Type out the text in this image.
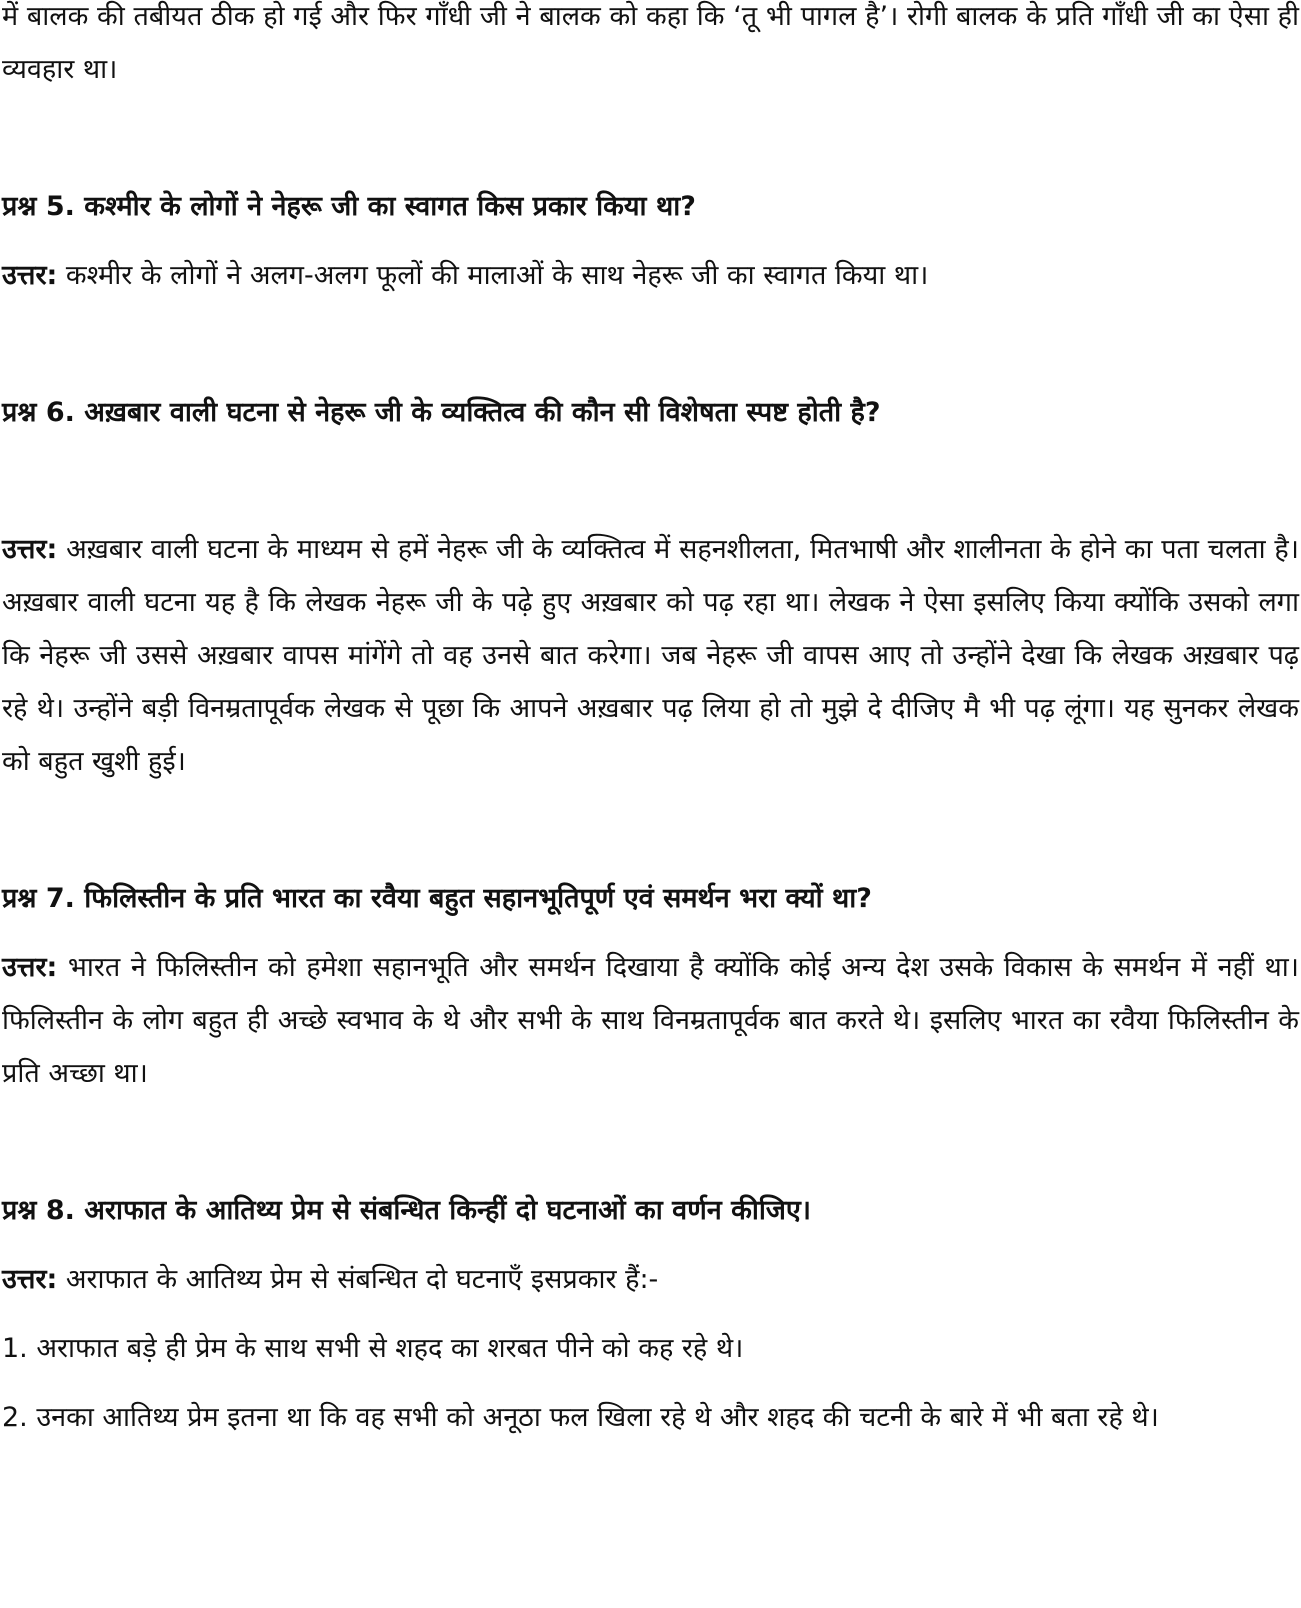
में बालक की तबीयत ठीक हो गई और फिर गाँधी जी ने बालक को कहा कि ‘तू भी पागल है’। रोगी बालक के प्रति गाँधी जी का ऐसा ही व्यवहार था।

प्रश्न 5. कश्मीर के लोगों ने नेहरू जी का स्वागत किस प्रकार किया था?

उत्तर: कश्मीर के लोगों ने अलग-अलग फूलों की मालाओं के साथ नेहरू जी का स्वागत किया था।

प्रश्न 6. अख़बार वाली घटना से नेहरू जी के व्यक्तित्व की कौन सी विशेषता स्पष्ट होती है?

उत्तर: अख़बार वाली घटना के माध्यम से हमें नेहरू जी के व्यक्तित्व में सहनशीलता, मितभाषी और शालीनता के होने का पता चलता है। अख़बार वाली घटना यह है कि लेखक नेहरू जी के पढ़े हुए अख़बार को पढ़ रहा था। लेखक ने ऐसा इसलिए किया क्योंकि उसको लगा कि नेहरू जी उससे अख़बार वापस मांगेंगे तो वह उनसे बात करेगा। जब नेहरू जी वापस आए तो उन्होंने देखा कि लेखक अख़बार पढ़ रहे थे। उन्होंने बड़ी विनम्रतापूर्वक लेखक से पूछा कि आपने अख़बार पढ़ लिया हो तो मुझे दे दीजिए मै भी पढ़ लूंगा। यह सुनकर लेखक को बहुत खुशी हुई।

प्रश्न 7. फिलिस्तीन के प्रति भारत का रवैया बहुत सहानभूतिपूर्ण एवं समर्थन भरा क्यों था?

उत्तर: भारत ने फिलिस्तीन को हमेशा सहानभूति और समर्थन दिखाया है क्योंकि कोई अन्य देश उसके विकास के समर्थन में नहीं था। फिलिस्तीन के लोग बहुत ही अच्छे स्वभाव के थे और सभी के साथ विनम्रतापूर्वक बात करते थे। इसलिए भारत का रवैया फिलिस्तीन के प्रति अच्छा था।

प्रश्न 8. अराफात के आतिथ्य प्रेम से संबन्धित किन्हीं दो घटनाओं का वर्णन कीजिए।

उत्तर: अराफात के आतिथ्य प्रेम से संबन्धित दो घटनाएँ इसप्रकार हैं:-

1. अराफात बड़े ही प्रेम के साथ सभी से शहद का शरबत पीने को कह रहे थे।

2. उनका आतिथ्य प्रेम इतना था कि वह सभी को अनूठा फल खिला रहे थे और शहद की चटनी के बारे में भी बता रहे थे।
